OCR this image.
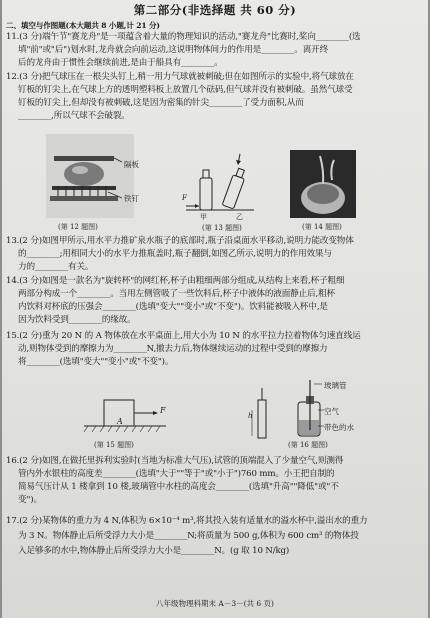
第二部分(非选择题 共 60 分)
二、填空与作图题(本大题共 8 小题,计 21 分)
11.(3 分)端午节"赛龙舟"是一项蕴含着大量的物理知识的活动,"赛龙舟"比赛时,桨向________(选
填"前"或"后")划水时,龙舟就会向前运动,这说明物体间力的作用是________。离开终
后的龙舟由于惯性会继续前进,是由于船具有________。
12.(3 分)把气球压在一根尖头钉上,稍一用力气球就被刺破;但在如图所示的实验中,将气球放在
钉板的钉尖上,在气球上方的透明塑料板上放置几个砝码,但气球并没有被刺破。虽然气球受
钉板的钉尖上,但却没有被刺破,这是因为密集的针尖________了受力面积,从而
________,所以气球不会破裂。
隔板
铁钉
(第 12 题图)
F
甲	乙
(第 13 题图)	(第 14 题图)
13.(2 分)如图甲所示,用水平力推矿泉水瓶子的底部时,瓶子沿桌面水平移动,说明力能改变物体
的________;用相同大小的水平力推瓶盖时,瓶子翻倒,如图乙所示,说明力的作用效果与
力的________有关。
14.(3 分)如图是一款名为"旋转杯"的网红杯,杯子由粗细两部分组成,从结构上来看,杯子粗细
两部分构成一个________。当用左侧管吸了一些饮料后,杯子中液体的液面静止后,粗杯
内饮料对杯底的压强会________(选填"变大""变小"或"不变")。饮料能被吸入杯中,是
因为饮料受到________的缘故。
15.(2 分)重为 20 N 的 A 物体放在水平桌面上,用大小为 10 N 的水平拉力拉着物体匀速直线运
动,则物体受到的摩擦力为________N,撤去力后,物体继续运动的过程中受到的摩擦力
将________(选填"变大""变小"或"不变")。
A
F
(第 15 题图)
h
玻璃管
空气
带色的水
(第 16 题图)
16.(2 分)如图,在做托里拆利实验时(当地为标准大气压),试管的顶端混入了少量空气,则测得
管内外水银柱的高度差________(选填"大于""等于"或"小于")760 mm。小王把自制的
简易气压计从 1 楼拿到 10 楼,玻璃管中水柱的高度会________(选填"升高""降低"或"不
变")。
17.(2 分)某物体的重力为 4 N,体积为 6×10⁻⁴ m³,将其投入装有适量水的溢水杯中,溢出水的重力
为 3 N。物体静止后所受浮力大小是________N;将质量为 500 g,体积为 600 cm³ 的物体投
入足够多的水中,物体静止后所受浮力大小是________N。(g 取 10 N/kg)
八年级物理科期末 A－3－(共 6 页)
